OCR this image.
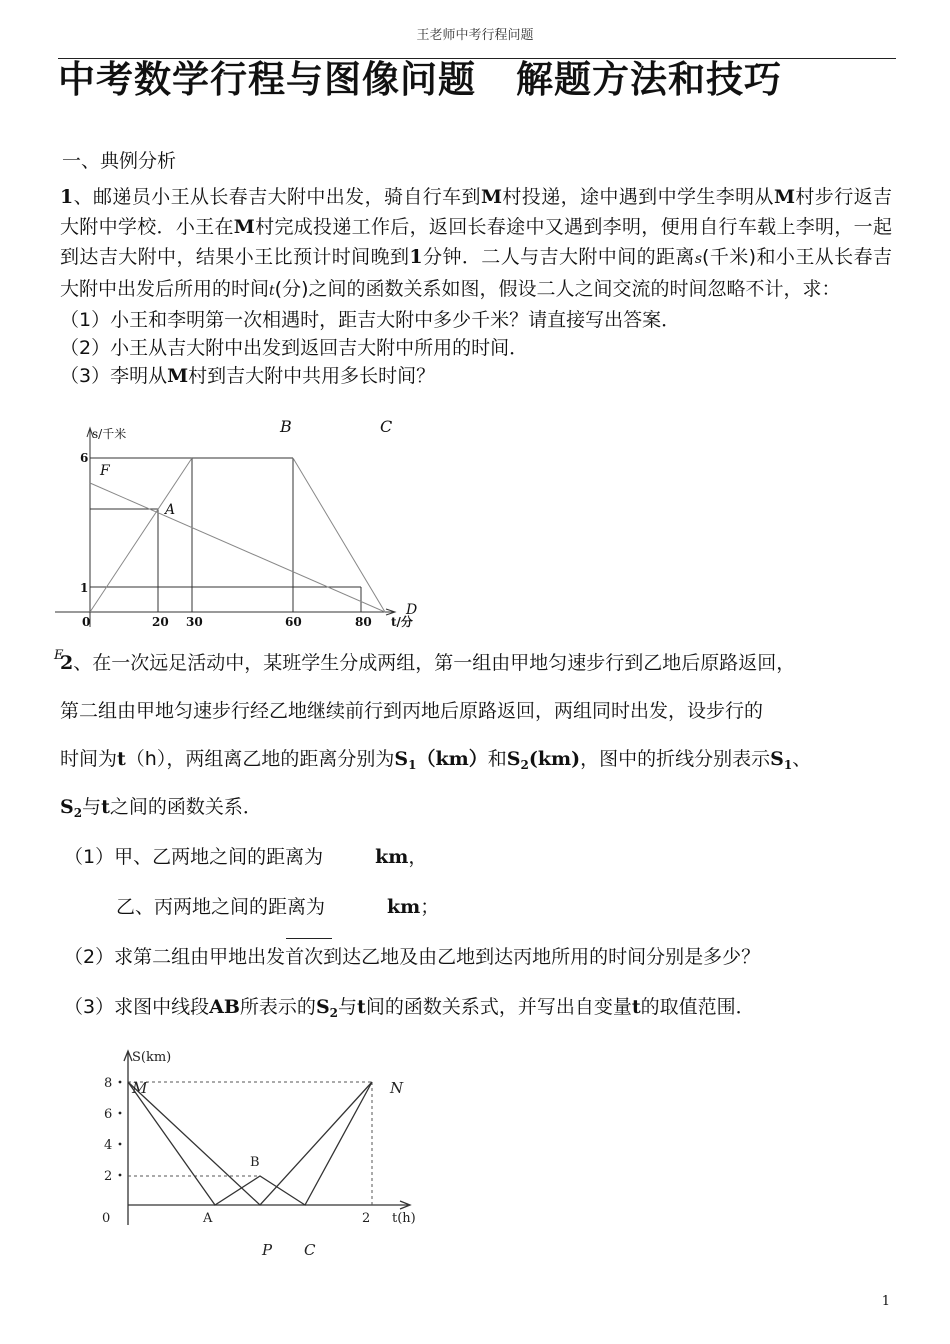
王老师中考行程问题
中考数学行程与图像问题 解题方法和技巧
一、典例分析
1、邮递员小王从长春吉大附中出发，骑自行车到M村投递，途中遇到中学生李明从M村步行返吉大附中学校．小王在M村完成投递工作后，返回长春途中又遇到李明，便用自行车载上李明，一起到达吉大附中，结果小王比预计时间晚到1分钟．二人与吉大附中间的距离s(千米)和小王从长春吉大附中出发后所用的时间t(分)之间的函数关系如图，假设二人之间交流的时间忽略不计，求：
（1）小王和李明第一次相遇时，距吉大附中多少千米？请直接写出答案．
（2）小王从吉大附中出发到返回吉大附中所用的时间．
（3）李明从M村到吉大附中共用多长时间？
s/千米
6
1
0	20 30	60	80 t/分
B	C
F
A
D
E
2、在一次远足活动中，某班学生分成两组，第一组由甲地匀速步行到乙地后原路返回，
第二组由甲地匀速步行经乙地继续前行到丙地后原路返回，两组同时出发，设步行的
时间为t（h），两组离乙地的距离分别为$S_1(km)$和$S_2(km)$，图中的折线分别表示$S_1$、
$S_2$与t之间的函数关系．
（1）甲、乙两地之间的距离为	km，
乙、丙两地之间的距离为	km；
（2）求第二组由甲地出发首次到达乙地及由乙地到达丙地所用的时间分别是多少？
（3）求图中线段AB所表示的$S_2$与t间的函数关系式，并写出自变量t的取值范围．
S(km)
8
6
4
2
0	2 t(h)
M	N
A
B
P C
1
